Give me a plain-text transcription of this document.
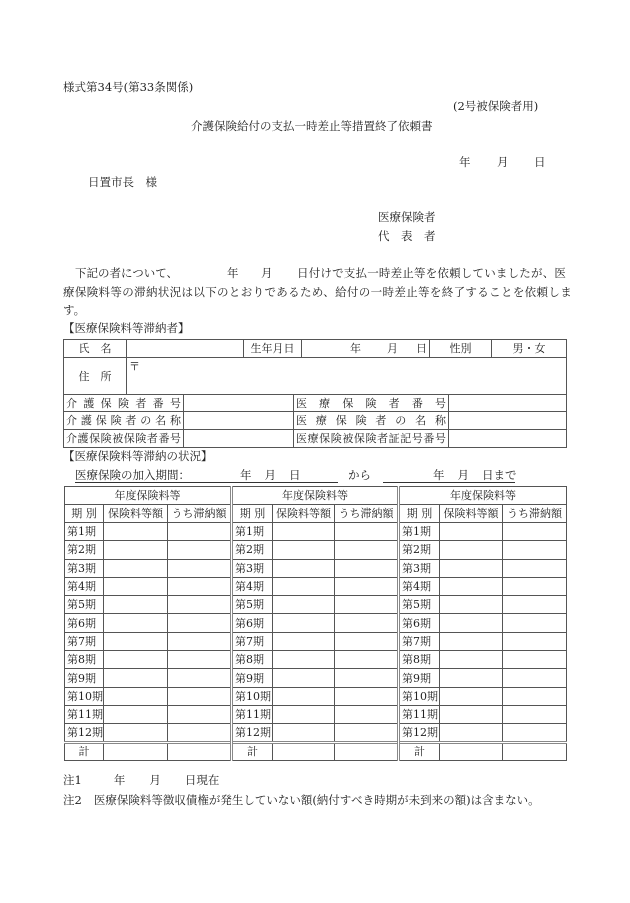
様式第34号(第33条関係)
(2号被保険者用)
介護保険給付の支払一時差止等措置終了依頼書
年 月 日
日置市長　様
医療保険者
代　表　者
下記の者について、	年 月 日付けで支払一時差止等を依頼していましたが、医
療保険料等の滞納状況は以下のとおりであるため、給付の一時差止等を終了することを依頼しま
す。
【医療保険料等滞納者】
氏　名		生年月日	年 月 日	性別	男・女
住　所	〒				
介護保険者番号		医療保険者番号	
介護保険者の名称		医療保険者の名称	
介護保険被保険者番号		医療保険被保険者証記号番号	
【医療保険料等滞納の状況】
医療保険の加入期間：	年 月 日	から	年 月 日まで
年度保険料等			年度保険料等			年度保険料等		
期 別	保険料等額	うち滞納額	期 別	保険料等額	うち滞納額	期 別	保険料等額	うち滞納額
第1期			第1期			第1期		
第2期			第2期			第2期		
第3期			第3期			第3期		
第4期			第4期			第4期		
第5期			第5期			第5期		
第6期			第6期			第6期		
第7期			第7期			第7期		
第8期			第8期			第8期		
第9期			第9期			第9期		
第10期			第10期			第10期		
第11期			第11期			第11期		
第12期			第12期			第12期		
計			計			計		
注1	年 月 日現在
注2 医療保険料等徴収債権が発生していない額(納付すべき時期が未到来の額)は含まない。
